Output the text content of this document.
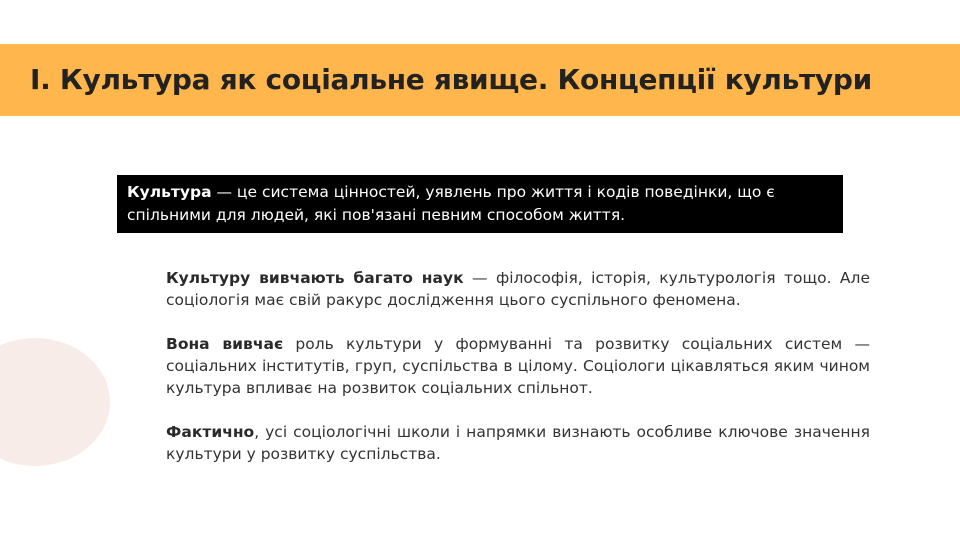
I. Культура як соціальне явище. Концепції культури
Культура — це система цінностей, уявлень про життя і кодів поведінки, що є спільними для людей, які пов'язані певним способом життя.

Культуру вивчають багато наук — філософія, історія, культурологія тощо. Але соціологія має свій ракурс дослідження цього суспільного феномена.

Вона вивчає роль культури у формуванні та розвитку соціальних систем — соціальних інститутів, груп, суспільства в цілому. Соціологи цікавляться яким чином культура впливає на розвиток соціальних спільнот.

Фактично, усі соціологічні школи і напрямки визнають особливе ключове значення культури у розвитку суспільства.
